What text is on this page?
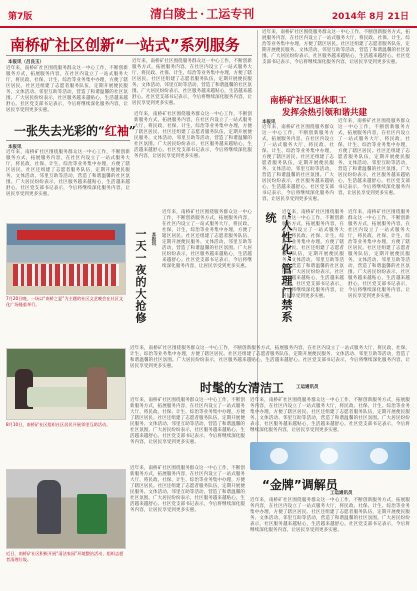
第7版	清白陵士 · 工运专刊	2014年 8月 21日
南桥矿社区创新“一站式”系列服务
本报讯（吕良玉）
近年来，南桥矿社区围绕服务群众这一中心工作，不断创新服务方式，拓展服务内容，在社区内设立了一站式服务大厅，将民政、社保、计生、综治等业务集中办理，方便了辖区居民。社区还组建了志愿者服务队伍，定期开展便民服务、文体活动、邻里互助等活动，营造了和谐温馨的社区氛围。广大居民纷纷表示，社区服务越来越贴心，生活越来越舒心。社区党支部书记表示，今后将继续深化服务内容，让居民享受到更多实惠。
近年来，南桥矿社区围绕服务群众这一中心工作，不断创新服务方式，拓展服务内容，在社区内设立了一站式服务大厅，将民政、社保、计生、综治等业务集中办理，方便了辖区居民。社区还组建了志愿者服务队伍，定期开展便民服务、文体活动、邻里互助等活动，营造了和谐温馨的社区氛围。广大居民纷纷表示，社区服务越来越贴心，生活越来越舒心。社区党支部书记表示，今后将继续深化服务内容，让居民享受到更多实惠。
近年来，南桥矿社区围绕服务群众这一中心工作，不断创新服务方式，拓展服务内容，在社区内设立了一站式服务大厅，将民政、社保、计生、综治等业务集中办理，方便了辖区居民。社区还组建了志愿者服务队伍，定期开展便民服务、文体活动、邻里互助等活动，营造了和谐温馨的社区氛围。广大居民纷纷表示，社区服务越来越贴心，生活越来越舒心。社区党支部书记表示，今后将继续深化服务内容，让居民享受到更多实惠。
南桥矿社区退休职工
发挥余热引领和谐共建
本报讯
近年来，南桥矿社区围绕服务群众这一中心工作，不断创新服务方式，拓展服务内容，在社区内设立了一站式服务大厅，将民政、社保、计生、综治等业务集中办理，方便了辖区居民。社区还组建了志愿者服务队伍，定期开展便民服务、文体活动、邻里互助等活动，营造了和谐温馨的社区氛围。广大居民纷纷表示，社区服务越来越贴心，生活越来越舒心。社区党支部书记表示，今后将继续深化服务内容，让居民享受到更多实惠。
近年来，南桥矿社区围绕服务群众这一中心工作，不断创新服务方式，拓展服务内容，在社区内设立了一站式服务大厅，将民政、社保、计生、综治等业务集中办理，方便了辖区居民。社区还组建了志愿者服务队伍，定期开展便民服务、文体活动、邻里互助等活动，营造了和谐温馨的社区氛围。广大居民纷纷表示，社区服务越来越贴心，生活越来越舒心。社区党支部书记表示，今后将继续深化服务内容，让居民享受到更多实惠。
一张失去光彩的“红袖”
本报讯
近年来，南桥矿社区围绕服务群众这一中心工作，不断创新服务方式，拓展服务内容，在社区内设立了一站式服务大厅，将民政、社保、计生、综治等业务集中办理，方便了辖区居民。社区还组建了志愿者服务队伍，定期开展便民服务、文体活动、邻里互助等活动，营造了和谐温馨的社区氛围。广大居民纷纷表示，社区服务越来越贴心，生活越来越舒心。社区党支部书记表示，今后将继续深化服务内容，让居民享受到更多实惠。
近年来，南桥矿社区围绕服务群众这一中心工作，不断创新服务方式，拓展服务内容，在社区内设立了一站式服务大厅，将民政、社保、计生、综治等业务集中办理，方便了辖区居民。社区还组建了志愿者服务队伍，定期开展便民服务、文体活动、邻里互助等活动，营造了和谐温馨的社区氛围。广大居民纷纷表示，社区服务越来越贴心，生活越来越舒心。社区党支部书记表示，今后将继续深化服务内容，让居民享受到更多实惠。
7月20日晚，一场以“南桥之夏”为主题的社区文艺晚会在社区文化广场隆重举行。	一天一夜的大抢修 本报讯
近年来，南桥矿社区围绕服务群众这一中心工作，不断创新服务方式，拓展服务内容，在社区内设立了一站式服务大厅，将民政、社保、计生、综治等业务集中办理，方便了辖区居民。社区还组建了志愿者服务队伍，定期开展便民服务、文体活动、邻里互助等活动，营造了和谐温馨的社区氛围。广大居民纷纷表示，社区服务越来越贴心，生活越来越舒心。社区党支部书记表示，今后将继续深化服务内容，让居民享受到更多实惠。	“人性化”管理门禁系统	近年来，南桥矿社区围绕服务群众这一中心工作，不断创新服务方式，拓展服务内容，在社区内设立了一站式服务大厅，将民政、社保、计生、综治等业务集中办理，方便了辖区居民。社区还组建了志愿者服务队伍，定期开展便民服务、文体活动、邻里互助等活动，营造了和谐温馨的社区氛围。广大居民纷纷表示，社区服务越来越贴心，生活越来越舒心。社区党支部书记表示，今后将继续深化服务内容，让居民享受到更多实惠。
近年来，南桥矿社区围绕服务群众这一中心工作，不断创新服务方式，拓展服务内容，在社区内设立了一站式服务大厅，将民政、社保、计生、综治等业务集中办理，方便了辖区居民。社区还组建了志愿者服务队伍，定期开展便民服务、文体活动、邻里互助等活动，营造了和谐温馨的社区氛围。广大居民纷纷表示，社区服务越来越贴心，生活越来越舒心。社区党支部书记表示，今后将继续深化服务内容，让居民享受到更多实惠。
8月10日，南桥矿社区组织社区居民开展邻里互助活动。
近年来，南桥矿社区围绕服务群众这一中心工作，不断创新服务方式，拓展服务内容，在社区内设立了一站式服务大厅，将民政、社保、计生、综治等业务集中办理，方便了辖区居民。社区还组建了志愿者服务队伍，定期开展便民服务、文体活动、邻里互助等活动，营造了和谐温馨的社区氛围。广大居民纷纷表示，社区服务越来越贴心，生活越来越舒心。社区党支部书记表示，今后将继续深化服务内容，让居民享受到更多实惠。
时髦的女清洁工	工运通讯员
近年来，南桥矿社区围绕服务群众这一中心工作，不断创新服务方式，拓展服务内容，在社区内设立了一站式服务大厅，将民政、社保、计生、综治等业务集中办理，方便了辖区居民。社区还组建了志愿者服务队伍，定期开展便民服务、文体活动、邻里互助等活动，营造了和谐温馨的社区氛围。广大居民纷纷表示，社区服务越来越贴心，生活越来越舒心。社区党支部书记表示，今后将继续深化服务内容，让居民享受到更多实惠。
近年来，南桥矿社区围绕服务群众这一中心工作，不断创新服务方式，拓展服务内容，在社区内设立了一站式服务大厅，将民政、社保、计生、综治等业务集中办理，方便了辖区居民。社区还组建了志愿者服务队伍，定期开展便民服务、文体活动、邻里互助等活动，营造了和谐温馨的社区氛围。广大居民纷纷表示，社区服务越来越贴心，生活越来越舒心。社区党支部书记表示，今后将继续深化服务内容，让居民享受到更多实惠。
近日，南桥矿社区积极开展“清洁家园”环境整治活动，组织志愿者清理垃圾。
近年来，南桥矿社区围绕服务群众这一中心工作，不断创新服务方式，拓展服务内容，在社区内设立了一站式服务大厅，将民政、社保、计生、综治等业务集中办理，方便了辖区居民。社区还组建了志愿者服务队伍，定期开展便民服务、文体活动、邻里互助等活动，营造了和谐温馨的社区氛围。广大居民纷纷表示，社区服务越来越贴心，生活越来越舒心。社区党支部书记表示，今后将继续深化服务内容，让居民享受到更多实惠。
“金牌”调解员
工运通讯员
近年来，南桥矿社区围绕服务群众这一中心工作，不断创新服务方式，拓展服务内容，在社区内设立了一站式服务大厅，将民政、社保、计生、综治等业务集中办理，方便了辖区居民。社区还组建了志愿者服务队伍，定期开展便民服务、文体活动、邻里互助等活动，营造了和谐温馨的社区氛围。广大居民纷纷表示，社区服务越来越贴心，生活越来越舒心。社区党支部书记表示，今后将继续深化服务内容，让居民享受到更多实惠。
